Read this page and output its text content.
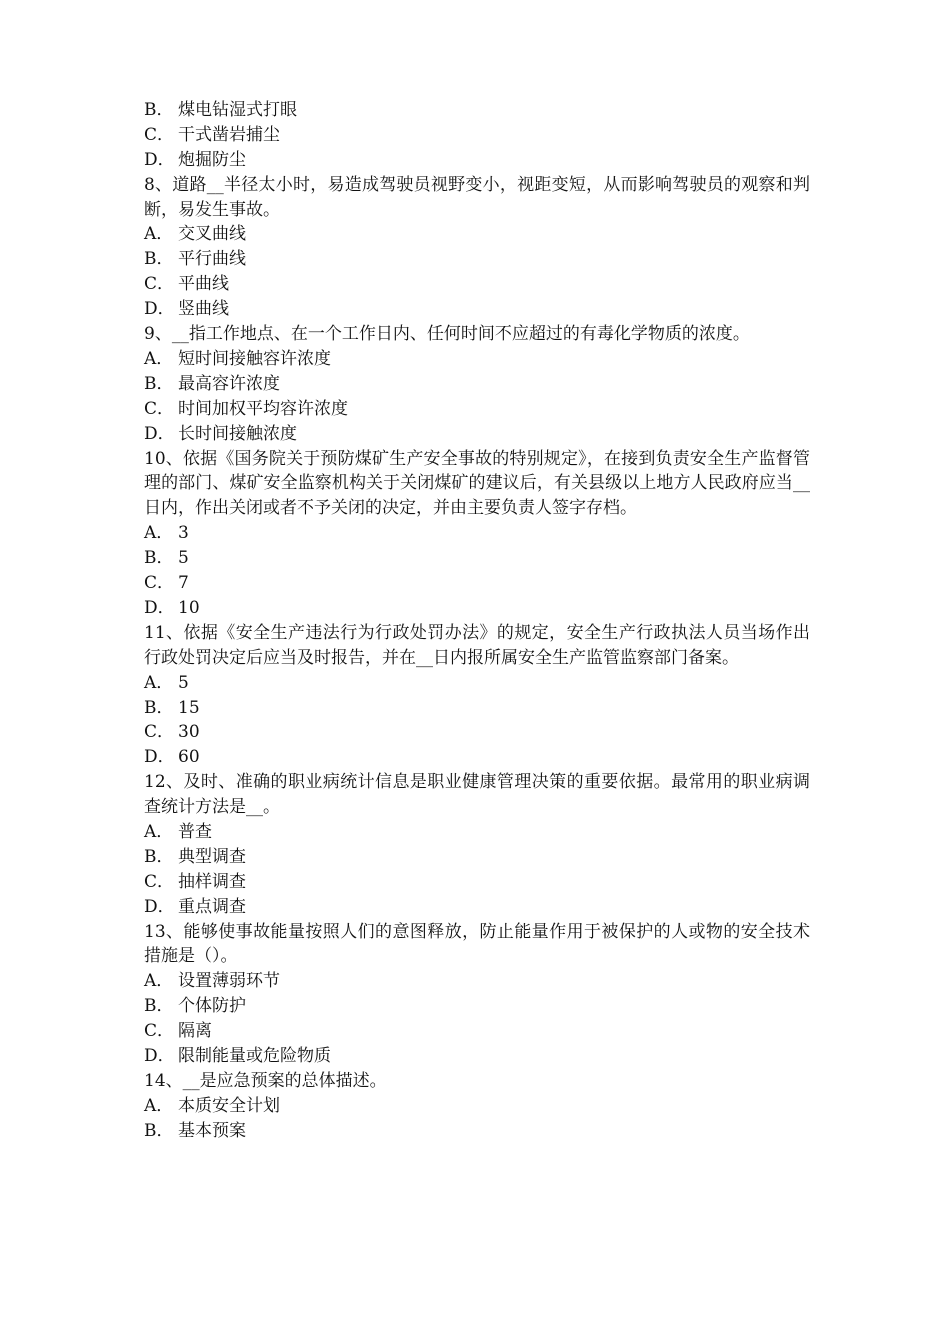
B． 煤电钻湿式打眼
C． 干式凿岩捕尘
D． 炮掘防尘

8、道路__半径太小时，易造成驾驶员视野变小，视距变短，从而影响驾驶员的观察和判断，易发生事故。

A． 交叉曲线
B． 平行曲线
C． 平曲线
D． 竖曲线

9、__指工作地点、在一个工作日内、任何时间不应超过的有毒化学物质的浓度。

A． 短时间接触容许浓度
B． 最高容许浓度
C． 时间加权平均容许浓度
D． 长时间接触浓度

10、依据《国务院关于预防煤矿生产安全事故的特别规定》，在接到负责安全生产监督管理的部门、煤矿安全监察机构关于关闭煤矿的建议后，有关县级以上地方人民政府应当__日内，作出关闭或者不予关闭的决定，并由主要负责人签字存档。

A． 3
B． 5
C． 7
D． 10

11、依据《安全生产违法行为行政处罚办法》的规定，安全生产行政执法人员当场作出行政处罚决定后应当及时报告，并在__日内报所属安全生产监管监察部门备案。

A． 5
B． 15
C． 30
D． 60

12、及时、准确的职业病统计信息是职业健康管理决策的重要依据。最常用的职业病调查统计方法是__。

A． 普查
B． 典型调查
C． 抽样调查
D． 重点调查

13、能够使事故能量按照人们的意图释放，防止能量作用于被保护的人或物的安全技术措施是（）。

A． 设置薄弱环节
B． 个体防护
C． 隔离
D． 限制能量或危险物质

14、__是应急预案的总体描述。

A． 本质安全计划
B． 基本预案
